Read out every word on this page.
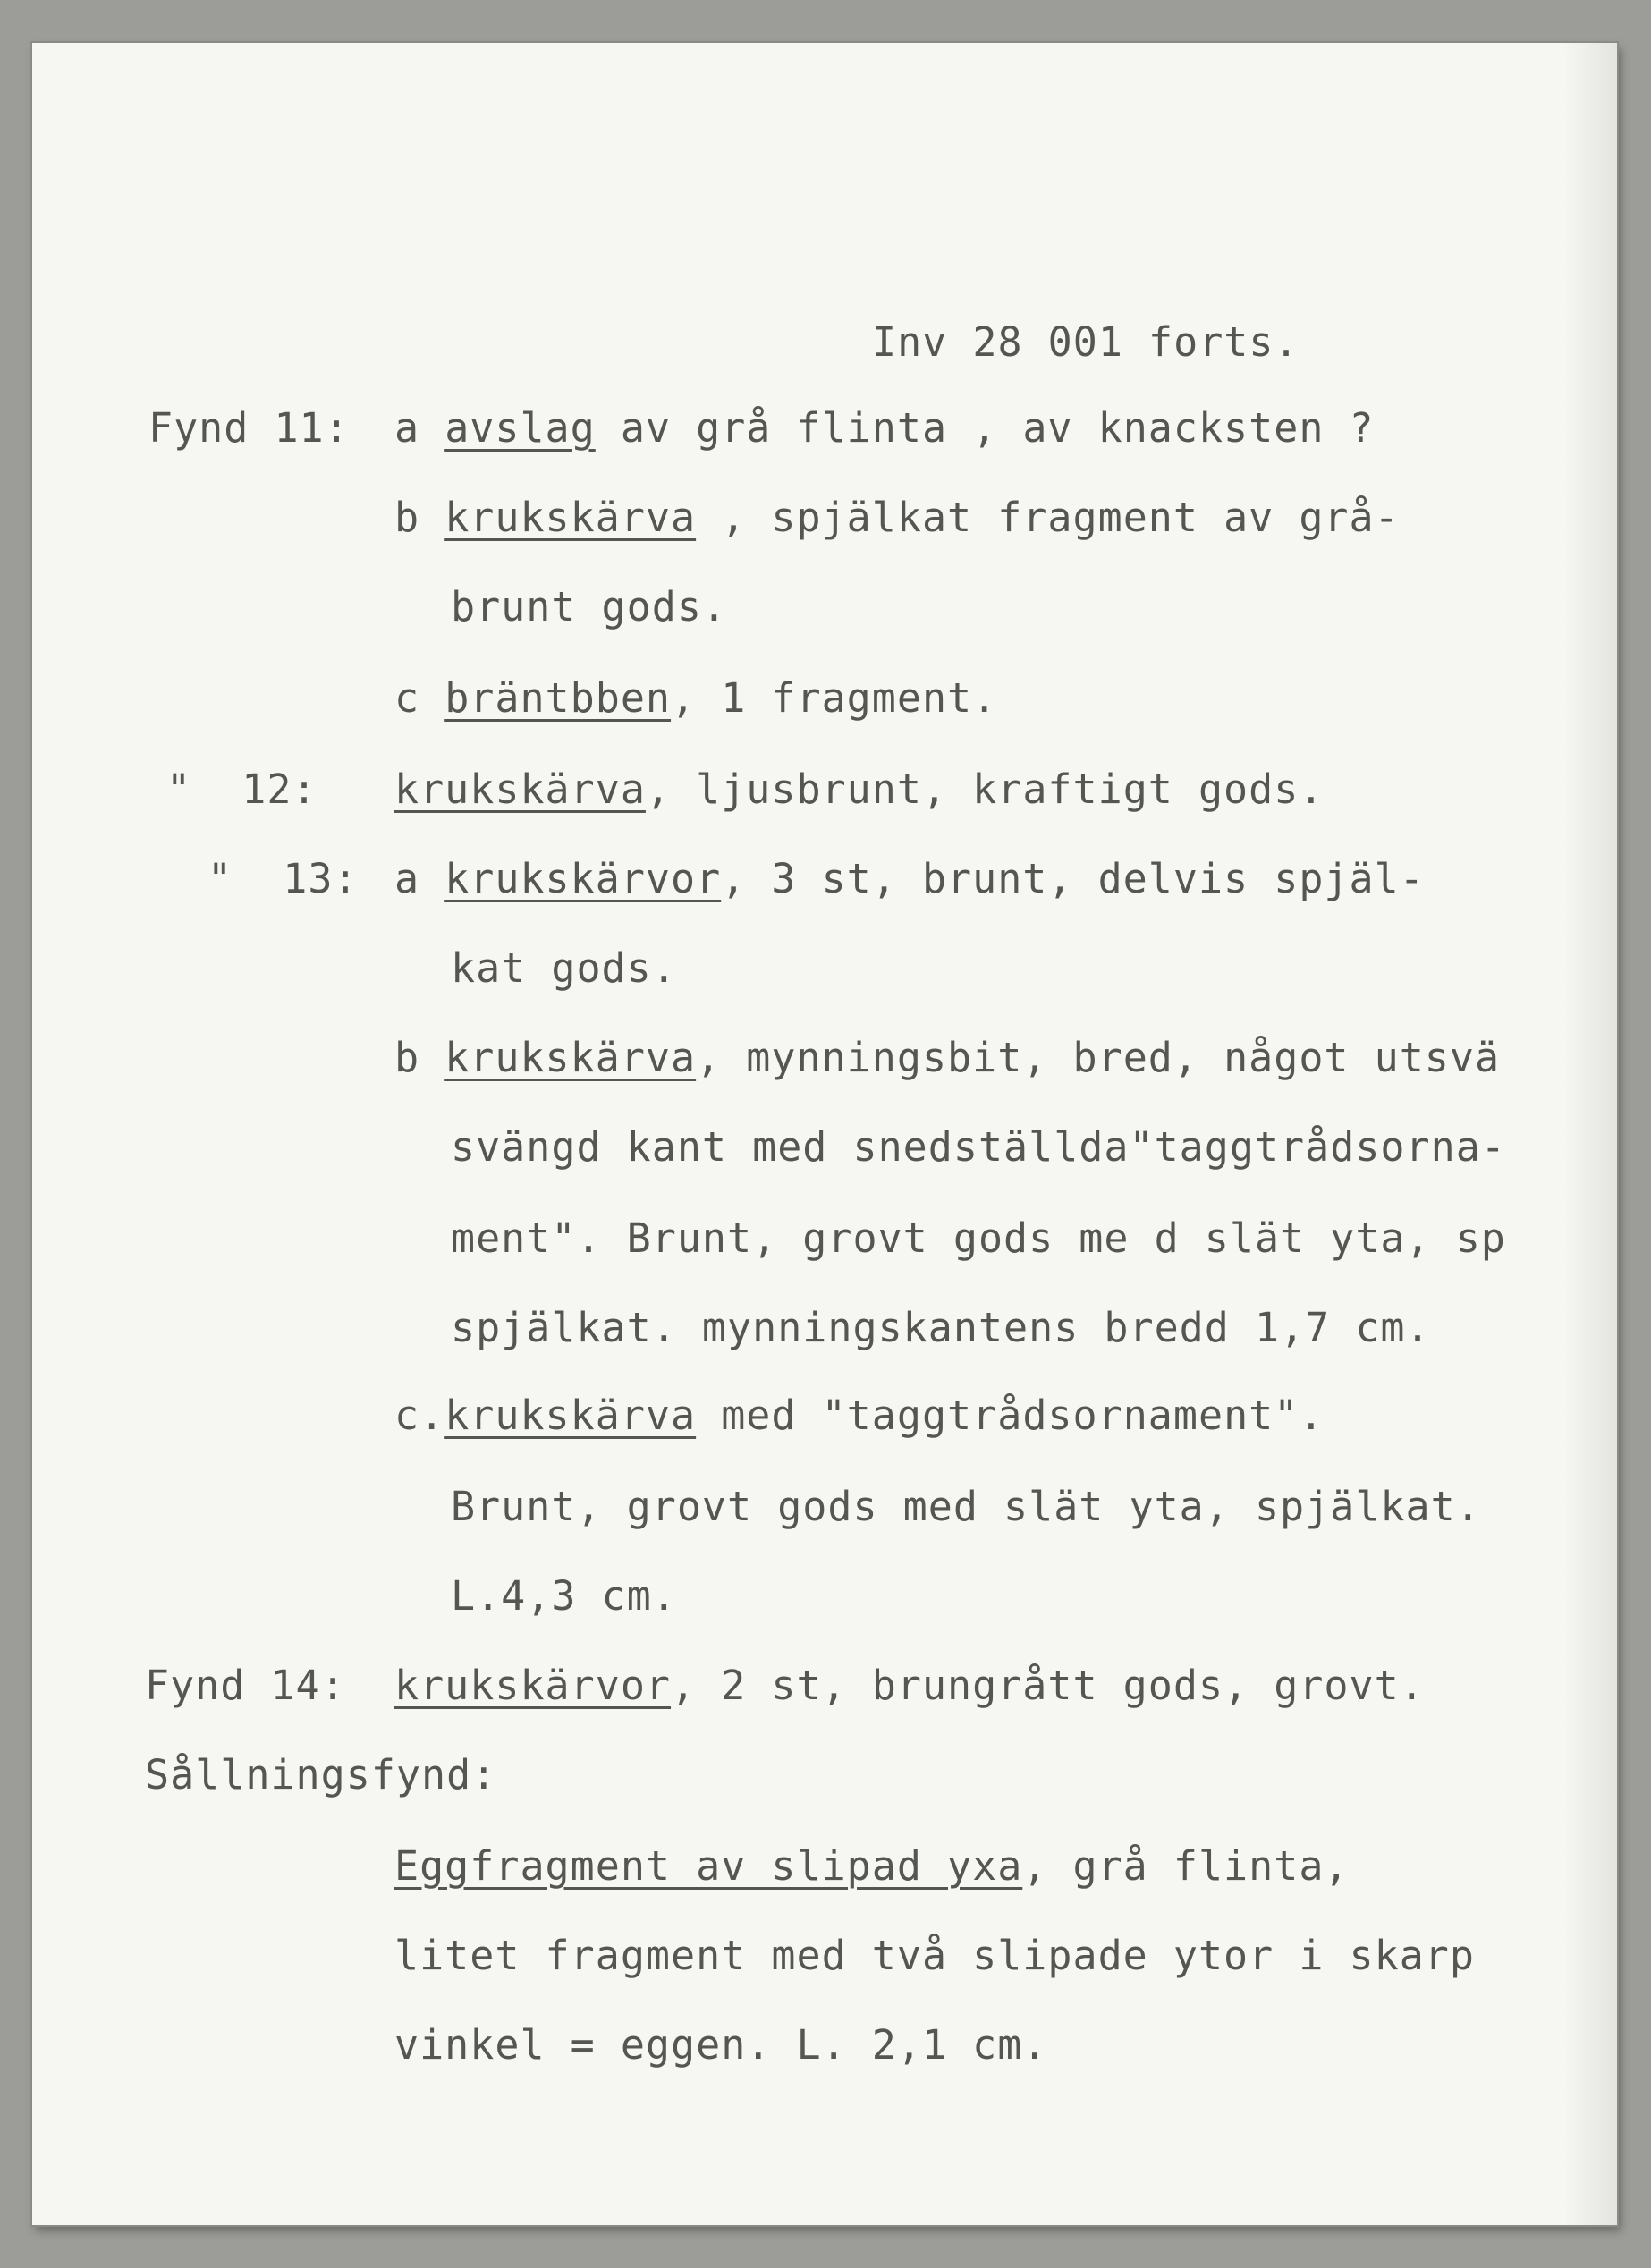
Inv 28 001 forts.
Fynd 11: a avslag av grå flinta , av knacksten ?
b krukskärva , spjälkat fragment av grå-
brunt gods.
c bräntbben, 1 fragment.
"  12: krukskärva, ljusbrunt, kraftigt gods.
"  13: a krukskärvor, 3 st, brunt, delvis spjäl-
kat gods.
b krukskärva, mynningsbit, bred, något utsvä
svängd kant med snedställda"taggtrådsorna-
ment". Brunt, grovt gods me d slät yta, sp
spjälkat. mynningskantens bredd 1,7 cm.
c.krukskärva med "taggtrådsornament".
Brunt, grovt gods med slät yta, spjälkat.
L.4,3 cm.
Fynd 14: krukskärvor, 2 st, brungrått gods, grovt.
Sållningsfynd:
Eggfragment av slipad yxa, grå flinta,
litet fragment med två slipade ytor i skarp
vinkel = eggen. L. 2,1 cm.
